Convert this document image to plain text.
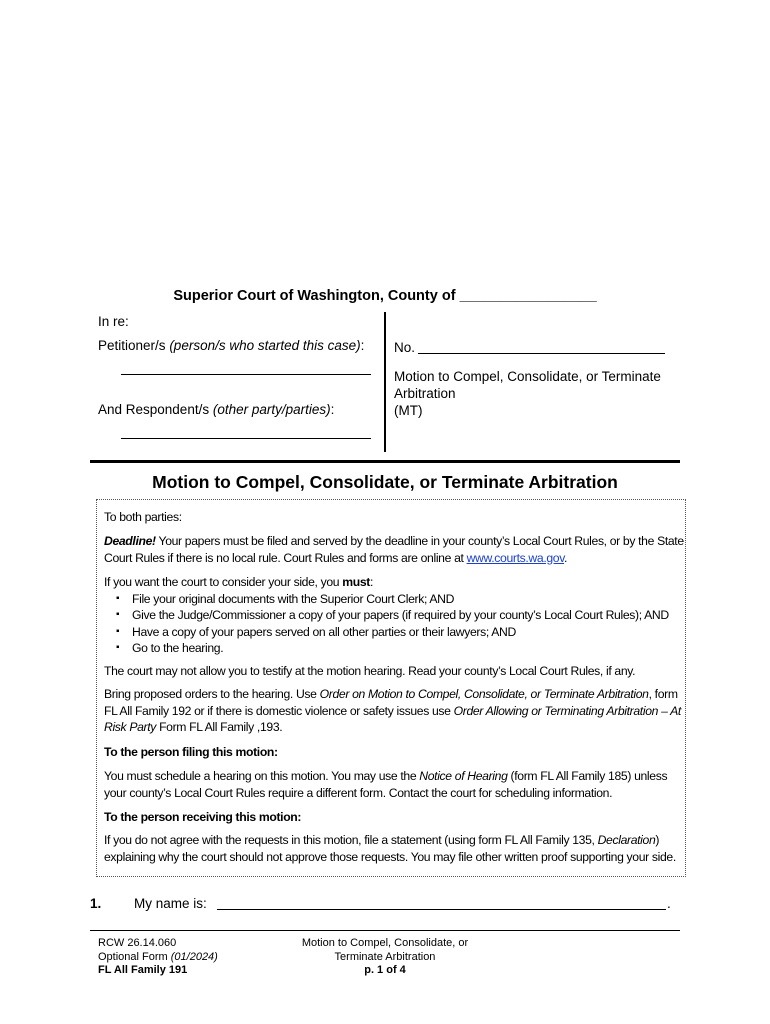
Superior Court of Washington, County of _________________
In re:
Petitioner/s (person/s who started this case):
And Respondent/s (other party/parties):
No.
Motion to Compel, Consolidate, or Terminate
Arbitration
(MT)
Motion to Compel, Consolidate, or Terminate Arbitration
To both parties:

Deadline! Your papers must be filed and served by the deadline in your county’s Local Court Rules, or by the State Court Rules if there is no local rule. Court Rules and forms are online at www.courts.wa.gov.

If you want the court to consider your side, you must:

▪ File your original documents with the Superior Court Clerk; AND
▪ Give the Judge/Commissioner a copy of your papers (if required by your county’s Local Court Rules); AND
▪ Have a copy of your papers served on all other parties or their lawyers; AND
▪ Go to the hearing.
The court may not allow you to testify at the motion hearing. Read your county’s Local Court Rules, if any.

Bring proposed orders to the hearing. Use Order on Motion to Compel, Consolidate, or Terminate Arbitration, form FL All Family 192 or if there is domestic violence or safety issues use Order Allowing or Terminating Arbitration – At Risk Party Form FL All Family ,193.

To the person filing this motion:

You must schedule a hearing on this motion. You may use the Notice of Hearing (form FL All Family 185) unless your county’s Local Court Rules require a different form. Contact the court for scheduling information.

To the person receiving this motion:

If you do not agree with the requests in this motion, file a statement (using form FL All Family 135, Declaration) explaining why the court should not approve those requests. You may file other written proof supporting your side.

1. My name is:	.
RCW 26.14.060
Optional Form (01/2024)
FL All Family 191
Motion to Compel, Consolidate, or
Terminate Arbitration
p. 1 of 4
